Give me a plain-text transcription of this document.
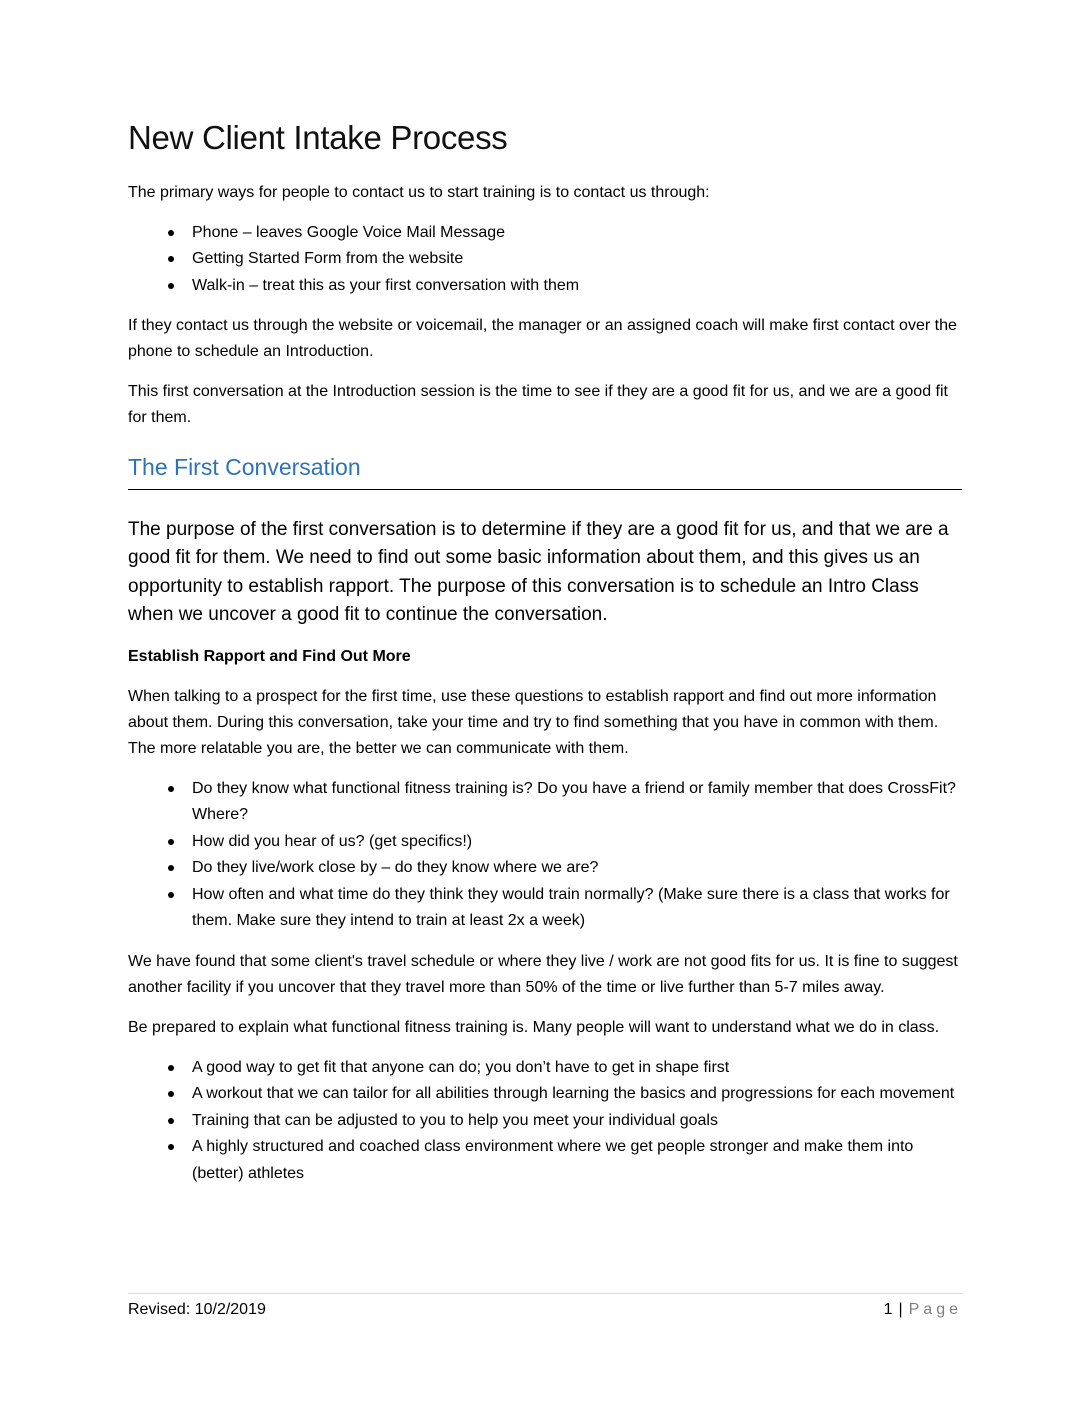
New Client Intake Process

The primary ways for people to contact us to start training is to contact us through:

Phone – leaves Google Voice Mail Message
Getting Started Form from the website
Walk-in – treat this as your first conversation with them

If they contact us through the website or voicemail, the manager or an assigned coach will make first contact over the phone to schedule an Introduction.

This first conversation at the Introduction session is the time to see if they are a good fit for us, and we are a good fit for them.

The First Conversation

The purpose of the first conversation is to determine if they are a good fit for us, and that we are a good fit for them. We need to find out some basic information about them, and this gives us an opportunity to establish rapport. The purpose of this conversation is to schedule an Intro Class when we uncover a good fit to continue the conversation.

Establish Rapport and Find Out More

When talking to a prospect for the first time, use these questions to establish rapport and find out more information about them. During this conversation, take your time and try to find something that you have in common with them. The more relatable you are, the better we can communicate with them.

Do they know what functional fitness training is? Do you have a friend or family member that does CrossFit? Where?
How did you hear of us? (get specifics!)
Do they live/work close by – do they know where we are?
How often and what time do they think they would train normally? (Make sure there is a class that works for them. Make sure they intend to train at least 2x a week)

We have found that some client's travel schedule or where they live / work are not good fits for us. It is fine to suggest another facility if you uncover that they travel more than 50% of the time or live further than 5-7 miles away.

Be prepared to explain what functional fitness training is. Many people will want to understand what we do in class.

A good way to get fit that anyone can do; you don’t have to get in shape first
A workout that we can tailor for all abilities through learning the basics and progressions for each movement
Training that can be adjusted to you to help you meet your individual goals
A highly structured and coached class environment where we get people stronger and make them into (better) athletes
Revised: 10/2/2019	1 | Page
